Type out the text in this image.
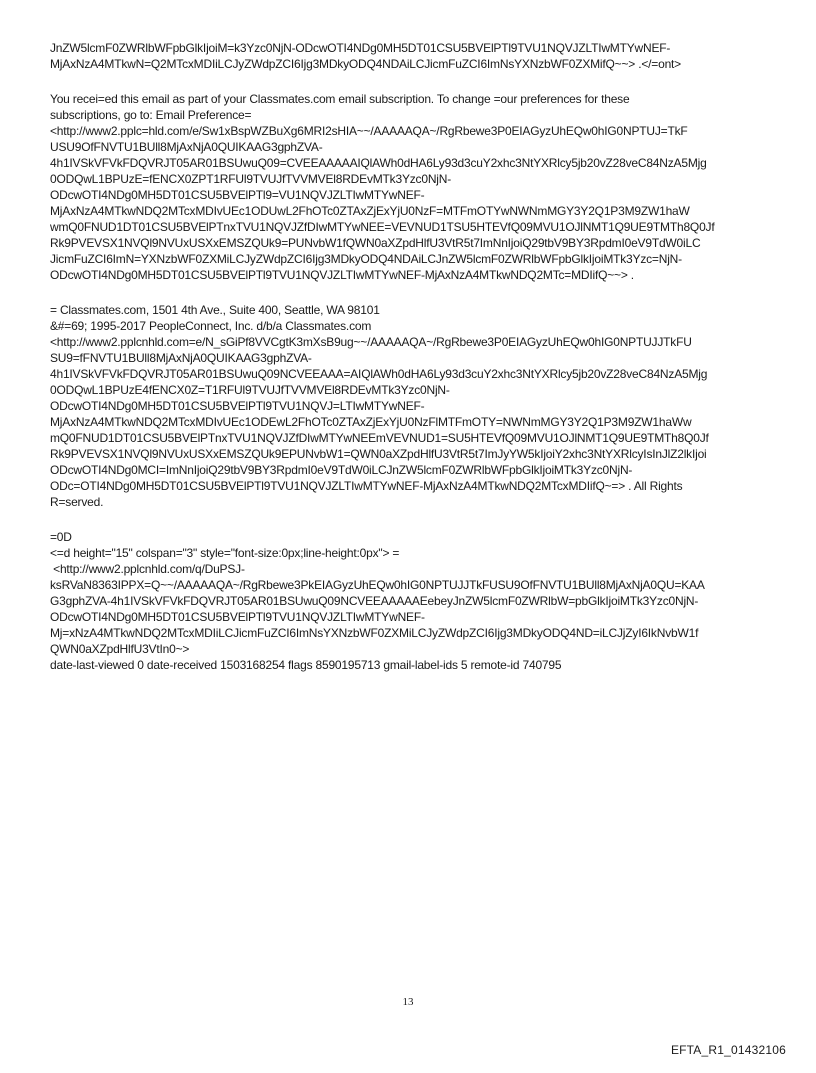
JnZW5lcmF0ZWRlbWFpbGlkIjoiM=k3Yzc0NjN-ODcwOTI4NDg0MH5DT01CSU5BVElPTl9TVU1NQVJZLTIwMTYwNEF-
MjAxNzA4MTkwN=Q2MTcxMDIiLCJyZWdpZCI6Ijg3MDkyODQ4NDAiLCJicmFuZCI6ImNsYXNzbWF0ZXMifQ~~> .</=ont>

You recei=ed this email as part of your Classmates.com email subscription. To change =our preferences for these
subscriptions, go to: Email Preference=
<http://www2.pplc=hld.com/e/Sw1xBspWZBuXg6MRI2sHIA~~/AAAAAQA~/RgRbewe3P0EIAGyzUhEQw0hIG0NPTUJ=TkF
USU9OfFNVTU1BUll8MjAxNjA0QUIKAAG3gphZVA-
4h1IVSkVFVkFDQVRJT05AR01BSUwuQ09=CVEEAAAAAIQlAWh0dHA6Ly93d3cuY2xhc3NtYXRlcy5jb20vZ28veC84NzA5Mjg
0ODQwL1BPUzE=fENCX0ZPT1RFUl9TVUJfTVVMVEl8RDEvMTk3Yzc0NjN-
ODcwOTI4NDg0MH5DT01CSU5BVElPTl9=VU1NQVJZLTIwMTYwNEF-
MjAxNzA4MTkwNDQ2MTcxMDIvUEc1ODUwL2FhOTc0ZTAxZjExYjU0NzF=MTFmOTYwNWNmMGY3Y2Q1P3M9ZW1haW
wmQ0FNUD1DT01CSU5BVElPTnxTVU1NQVJZfDIwMTYwNEE=VEVNUD1TSU5HTEVfQ09MVU1OJlNMT1Q9UE9TMTh8Q0Jf
Rk9PVEVSX1NVQl9NVUxUSXxEMSZQUk9=PUNvbW1fQWN0aXZpdHlfU3VtR5t7ImNnIjoiQ29tbV9BY3RpdmI0eV9TdW0iLC
JicmFuZCI6ImN=YXNzbWF0ZXMiLCJyZWdpZCI6Ijg3MDkyODQ4NDAiLCJnZW5lcmF0ZWRlbWFpbGlkIjoiMTk3Yzc=NjN-
ODcwOTI4NDg0MH5DT01CSU5BVElPTl9TVU1NQVJZLTIwMTYwNEF-MjAxNzA4MTkwNDQ2MTc=MDIifQ~~> .

= Classmates.com, 1501 4th Ave., Suite 400, Seattle, WA 98101
&#=69; 1995-2017 PeopleConnect, Inc. d/b/a Classmates.com
<http://www2.pplcnhld.com=e/N_sGiPf8VVCgtK3mXsB9ug~~/AAAAAQA~/RgRbewe3P0EIAGyzUhEQw0hIG0NPTUJJTkFU
SU9=fFNVTU1BUll8MjAxNjA0QUIKAAG3gphZVA-
4h1IVSkVFVkFDQVRJT05AR01BSUwuQ09NCVEEAAA=AIQlAWh0dHA6Ly93d3cuY2xhc3NtYXRlcy5jb20vZ28veC84NzA5Mjg
0ODQwL1BPUzE4fENCX0Z=T1RFUl9TVUJfTVVMVEl8RDEvMTk3Yzc0NjN-
ODcwOTI4NDg0MH5DT01CSU5BVElPTl9TVU1NQVJ=LTIwMTYwNEF-
MjAxNzA4MTkwNDQ2MTcxMDIvUEc1ODEwL2FhOTc0ZTAxZjExYjU0NzFlMTFmOTY=NWNmMGY3Y2Q1P3M9ZW1haWw
mQ0FNUD1DT01CSU5BVElPTnxTVU1NQVJZfDIwMTYwNEEmVEVNUD1=SU5HTEVfQ09MVU1OJlNMT1Q9UE9TMTh8Q0Jf
Rk9PVEVSX1NVQl9NVUxUSXxEMSZQUk9EPUNvbW1=QWN0aXZpdHlfU3VtR5t7ImJyYW5kIjoiY2xhc3NtYXRlcyIsInJlZ2lkIjoi
ODcwOTI4NDg0MCI=ImNnIjoiQ29tbV9BY3RpdmI0eV9TdW0iLCJnZW5lcmF0ZWRlbWFpbGlkIjoiMTk3Yzc0NjN-
ODc=OTI4NDg0MH5DT01CSU5BVElPTl9TVU1NQVJZLTIwMTYwNEF-MjAxNzA4MTkwNDQ2MTcxMDIifQ~=> . All Rights
R=served.

=0D
<=d height="15" colspan="3" style="font-size:0px;line-height:0px"> =
<http://www2.pplcnhld.com/q/DuPSJ-
ksRVaN8363IPPX=Q~~/AAAAAQA~/RgRbewe3PkEIAGyzUhEQw0hIG0NPTUJJTkFUSU9OfFNVTU1BUll8MjAxNjA0QU=KAA
G3gphZVA-4h1IVSkVFVkFDQVRJT05AR01BSUwuQ09NCVEEAAAAAEebeyJnZW5lcmF0ZWRlbW=pbGlkIjoiMTk3Yzc0NjN-
ODcwOTI4NDg0MH5DT01CSU5BVElPTl9TVU1NQVJZLTIwMTYwNEF-
Mj=xNzA4MTkwNDQ2MTcxMDIiLCJicmFuZCI6ImNsYXNzbWF0ZXMiLCJyZWdpZCI6Ijg3MDkyODQ4ND=iLCJjZyI6IkNvbW1f
QWN0aXZpdHlfU3VtIn0~>
date-last-viewed 0 date-received 1503168254 flags 8590195713 gmail-label-ids 5 remote-id 740795

13
EFTA_R1_01432106
